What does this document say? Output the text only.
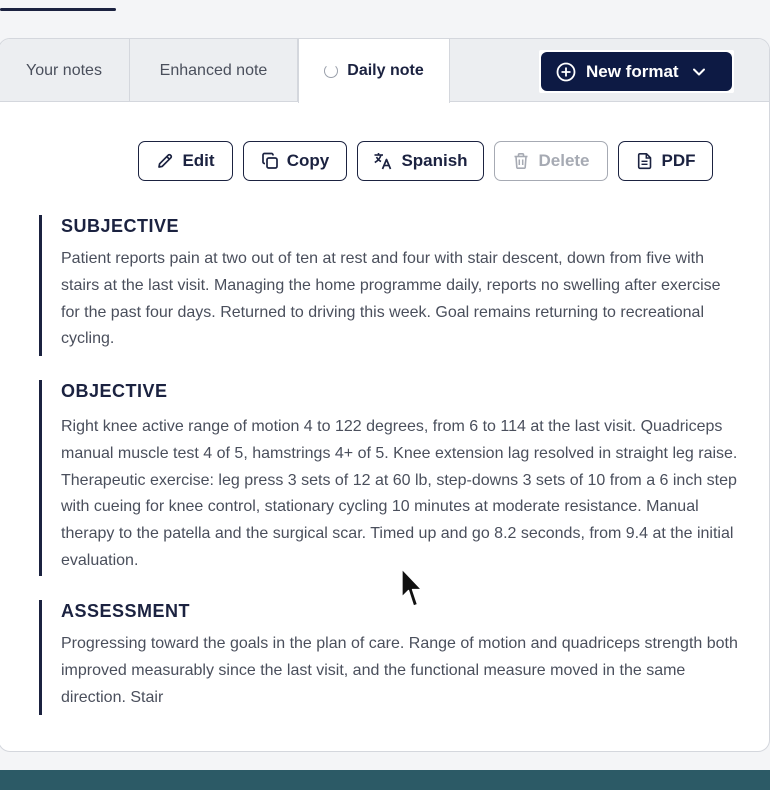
Your notes	Enhanced note	Daily note	New format
Edit	Copy	Spanish	Delete	PDF
SUBJECTIVE
Patient reports pain at two out of ten at rest and four with stair descent, down from five with stairs at the last visit. Managing the home programme daily, reports no swelling after exercise for the past four days. Returned to driving this week. Goal remains returning to recreational cycling.
OBJECTIVE
Right knee active range of motion 4 to 122 degrees, from 6 to 114 at the last visit. Quadriceps manual muscle test 4 of 5, hamstrings 4+ of 5. Knee extension lag resolved in straight leg raise. Therapeutic exercise: leg press 3 sets of 12 at 60 lb, step-downs 3 sets of 10 from a 6 inch step with cueing for knee control, stationary cycling 10 minutes at moderate resistance. Manual therapy to the patella and the surgical scar. Timed up and go 8.2 seconds, from 9.4 at the initial evaluation.
ASSESSMENT
Progressing toward the goals in the plan of care. Range of motion and quadriceps strength both improved measurably since the last visit, and the functional measure moved in the same direction. Stair
